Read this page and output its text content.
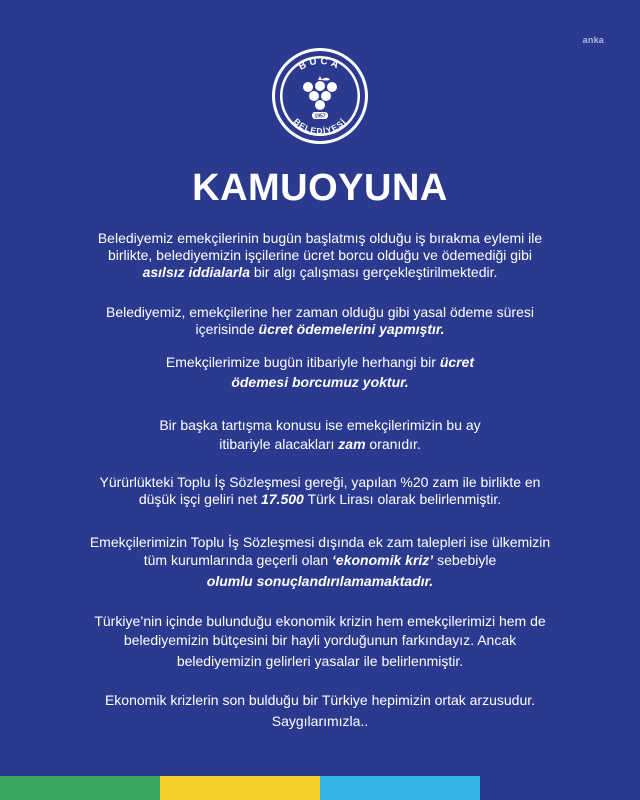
anka
BUCA
BELEDİYESİ
1957
KAMUOYUNA

Belediyemiz emekçilerinin bugün başlatmış olduğu iş bırakma eylemi ile
birlikte, belediyemizin işçilerine ücret borcu olduğu ve ödemediği gibi
asılsız iddialarla bir algı çalışması gerçekleştirilmektedir.

Belediyemiz, emekçilerine her zaman olduğu gibi yasal ödeme süresi
içerisinde ücret ödemelerini yapmıştır.

Emekçilerimize bugün itibariyle herhangi bir ücret
ödemesi borcumuz yoktur.

Bir başka tartışma konusu ise emekçilerimizin bu ay
itibariyle alacakları zam oranıdır.

Yürürlükteki Toplu İş Sözleşmesi gereği, yapılan %20 zam ile birlikte en
düşük işçi geliri net 17.500 Türk Lirası olarak belirlenmiştir.

Emekçilerimizin Toplu İş Sözleşmesi dışında ek zam talepleri ise ülkemizin
tüm kurumlarında geçerli olan ‘ekonomik kriz’ sebebiyle
olumlu sonuçlandırılamamaktadır.

Türkiye’nin içinde bulunduğu ekonomik krizin hem emekçilerimizi hem de
belediyemizin bütçesini bir hayli yorduğunun farkındayız. Ancak
belediyemizin gelirleri yasalar ile belirlenmiştir.

Ekonomik krizlerin son bulduğu bir Türkiye hepimizin ortak arzusudur.
Saygılarımızla..
